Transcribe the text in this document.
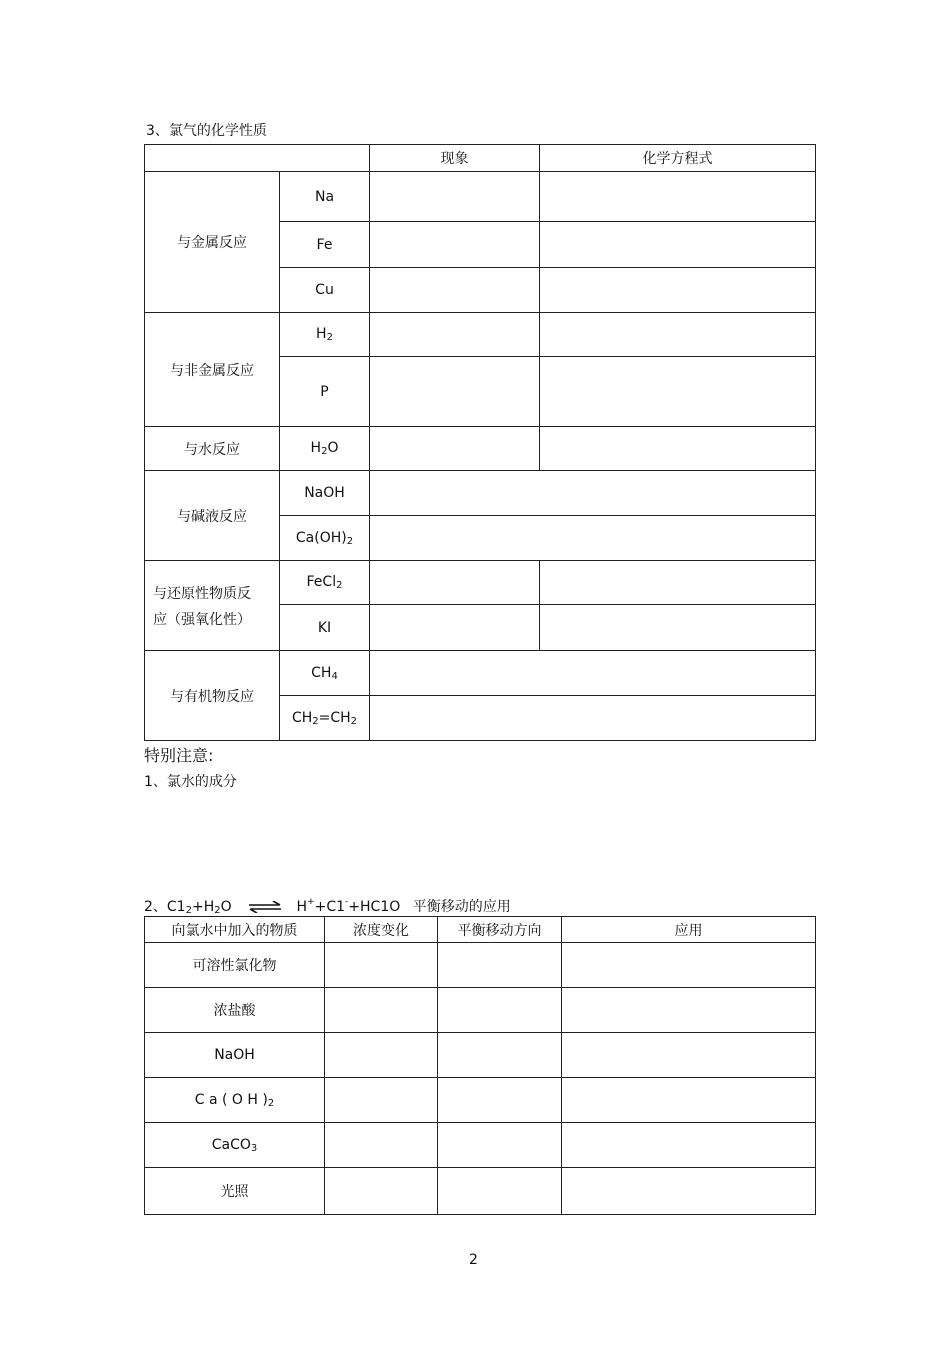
3、氯气的化学性质
		现象	化学方程式
与金属反应	Na		
	Fe		
	Cu		
与非金属反应	$H_2$		
	P		
与水反应	$H_2O$		
与碱液反应	NaOH		
	$Ca(OH)_2$	

与还原性物质反
应（强氧化性）	FeCl$_2$		
	KI		
与有机物反应	$CH_4$	
	$CH_2=CH_2$	
特别注意:
1、氯水的成分
2、$C1_2+H_2O$ ⇌ H++C1-+HC1O 平衡移动的应用
向氯水中加入的物质	浓度变化	平衡移动方向	应用
可溶性氯化物			
浓盐酸			
NaOH			
C a ( O H )$_2$			
CaCO$_3$			
光照			
2
